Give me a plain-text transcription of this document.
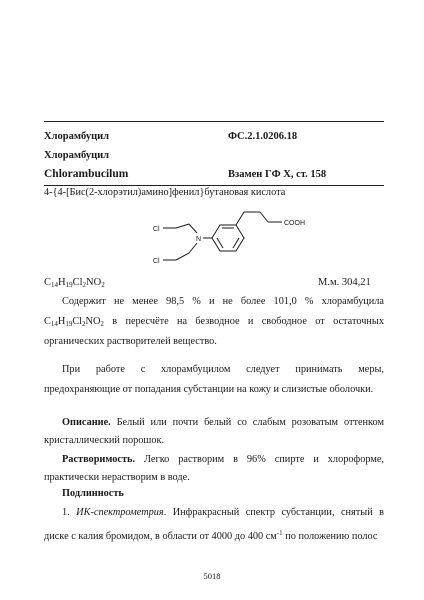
Хлорамбуцил	ФС.2.1.0206.18
Хлорамбуцил
Chlorambucilum	Взамен ГФ X, ст. 158
4-{4-[Бис(2-хлорэтил)амино]фенил}бутановая кислота
Cl
N
Cl
COOH
$C_{14}H_{19}Cl_2NO_2$	М.м. 304,21
Содержит не менее 98,5 % и не более 101,0 % хлорамбуцила
$C_{14}H_{19}Cl_2NO_2$ в пересчёте на безводное и свободное от остаточных
органических растворителей вещество.
При работе с хлорамбуцилом следует принимать меры,
предохраняющие от попадания субстанции на кожу и слизистые оболочки.
Описание. Белый или почти белый со слабым розоватым оттенком
кристаллический порошок.
Растворимость. Легко растворим в 96% спирте и хлороформе,
практически нерастворим в воде.
Подлинность
1. ИК-спектрометрия. Инфракрасный спектр субстанции, снятый в
диске с калия бромидом, в области от 4000 до 400 $см^{-1}$ по положению полос
5018
